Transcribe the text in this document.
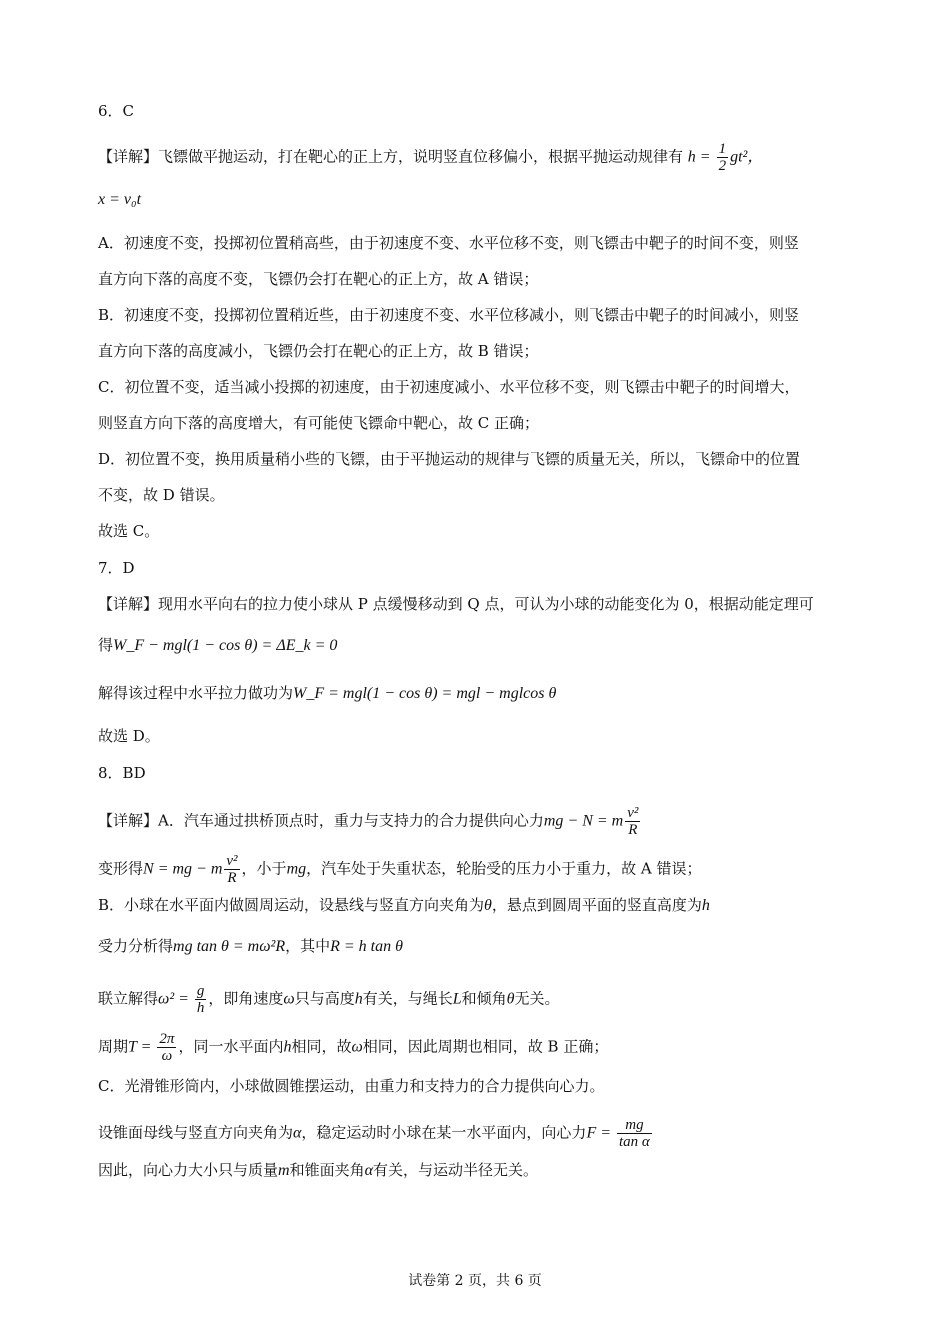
6．C
【详解】飞镖做平抛运动，打在靶心的正上方，说明竖直位移偏小，根据平抛运动规律有 $h = \frac{1}{2} gt^2$，
x = v₀t
A．初速度不变，投掷初位置稍高些，由于初速度不变、水平位移不变，则飞镖击中靶子的时间不变，则竖
直方向下落的高度不变，飞镖仍会打在靶心的正上方，故 A 错误；
B．初速度不变，投掷初位置稍近些，由于初速度不变、水平位移减小，则飞镖击中靶子的时间减小，则竖
直方向下落的高度减小，飞镖仍会打在靶心的正上方，故 B 错误；
C．初位置不变，适当减小投掷的初速度，由于初速度减小、水平位移不变，则飞镖击中靶子的时间增大，
则竖直方向下落的高度增大，有可能使飞镖命中靶心，故 C 正确；
D．初位置不变，换用质量稍小些的飞镖，由于平抛运动的规律与飞镖的质量无关，所以，飞镖命中的位置
不变，故 D 错误。
故选 C。
7．D
【详解】现用水平向右的拉力使小球从 P 点缓慢移动到 Q 点，可认为小球的动能变化为 0，根据动能定理可
得W_F − mgl(1 − cos θ) = ΔE_k = 0
解得该过程中水平拉力做功为W_F = mgl(1 − cos θ) = mgl − mglcos θ
故选 D。
8．BD
【详解】A．汽车通过拱桥顶点时，重力与支持力的合力提供向心力mg − N = m $\frac{\text{v²}}{R}$
变形得N = mg − m $\frac{\text{v²}}{R}$ ，小于mg，汽车处于失重状态，轮胎受的压力小于重力，故 A 错误；
B．小球在水平面内做圆周运动，设悬线与竖直方向夹角为θ，悬点到圆周平面的竖直高度为h
受力分析得mg tan θ = mω²R，其中R = h tan θ
联立解得$\omega^2 = \frac{g}{h}$ ，即角速度ω只与高度h有关，与绳长L和倾角θ无关。
周期$T = \frac{2\pi}{\omega}$ ，同一水平面内h相同，故ω相同，因此周期也相同，故 B 正确；
C．光滑锥形筒内，小球做圆锥摆运动，由重力和支持力的合力提供向心力。
设锥面母线与竖直方向夹角为α，稳定运动时小球在某一水平面内，向心力$F = \frac{mg}{\text{tan α}}$
因此，向心力大小只与质量m和锥面夹角α有关，与运动半径无关。
试卷第 2 页，共 6 页
